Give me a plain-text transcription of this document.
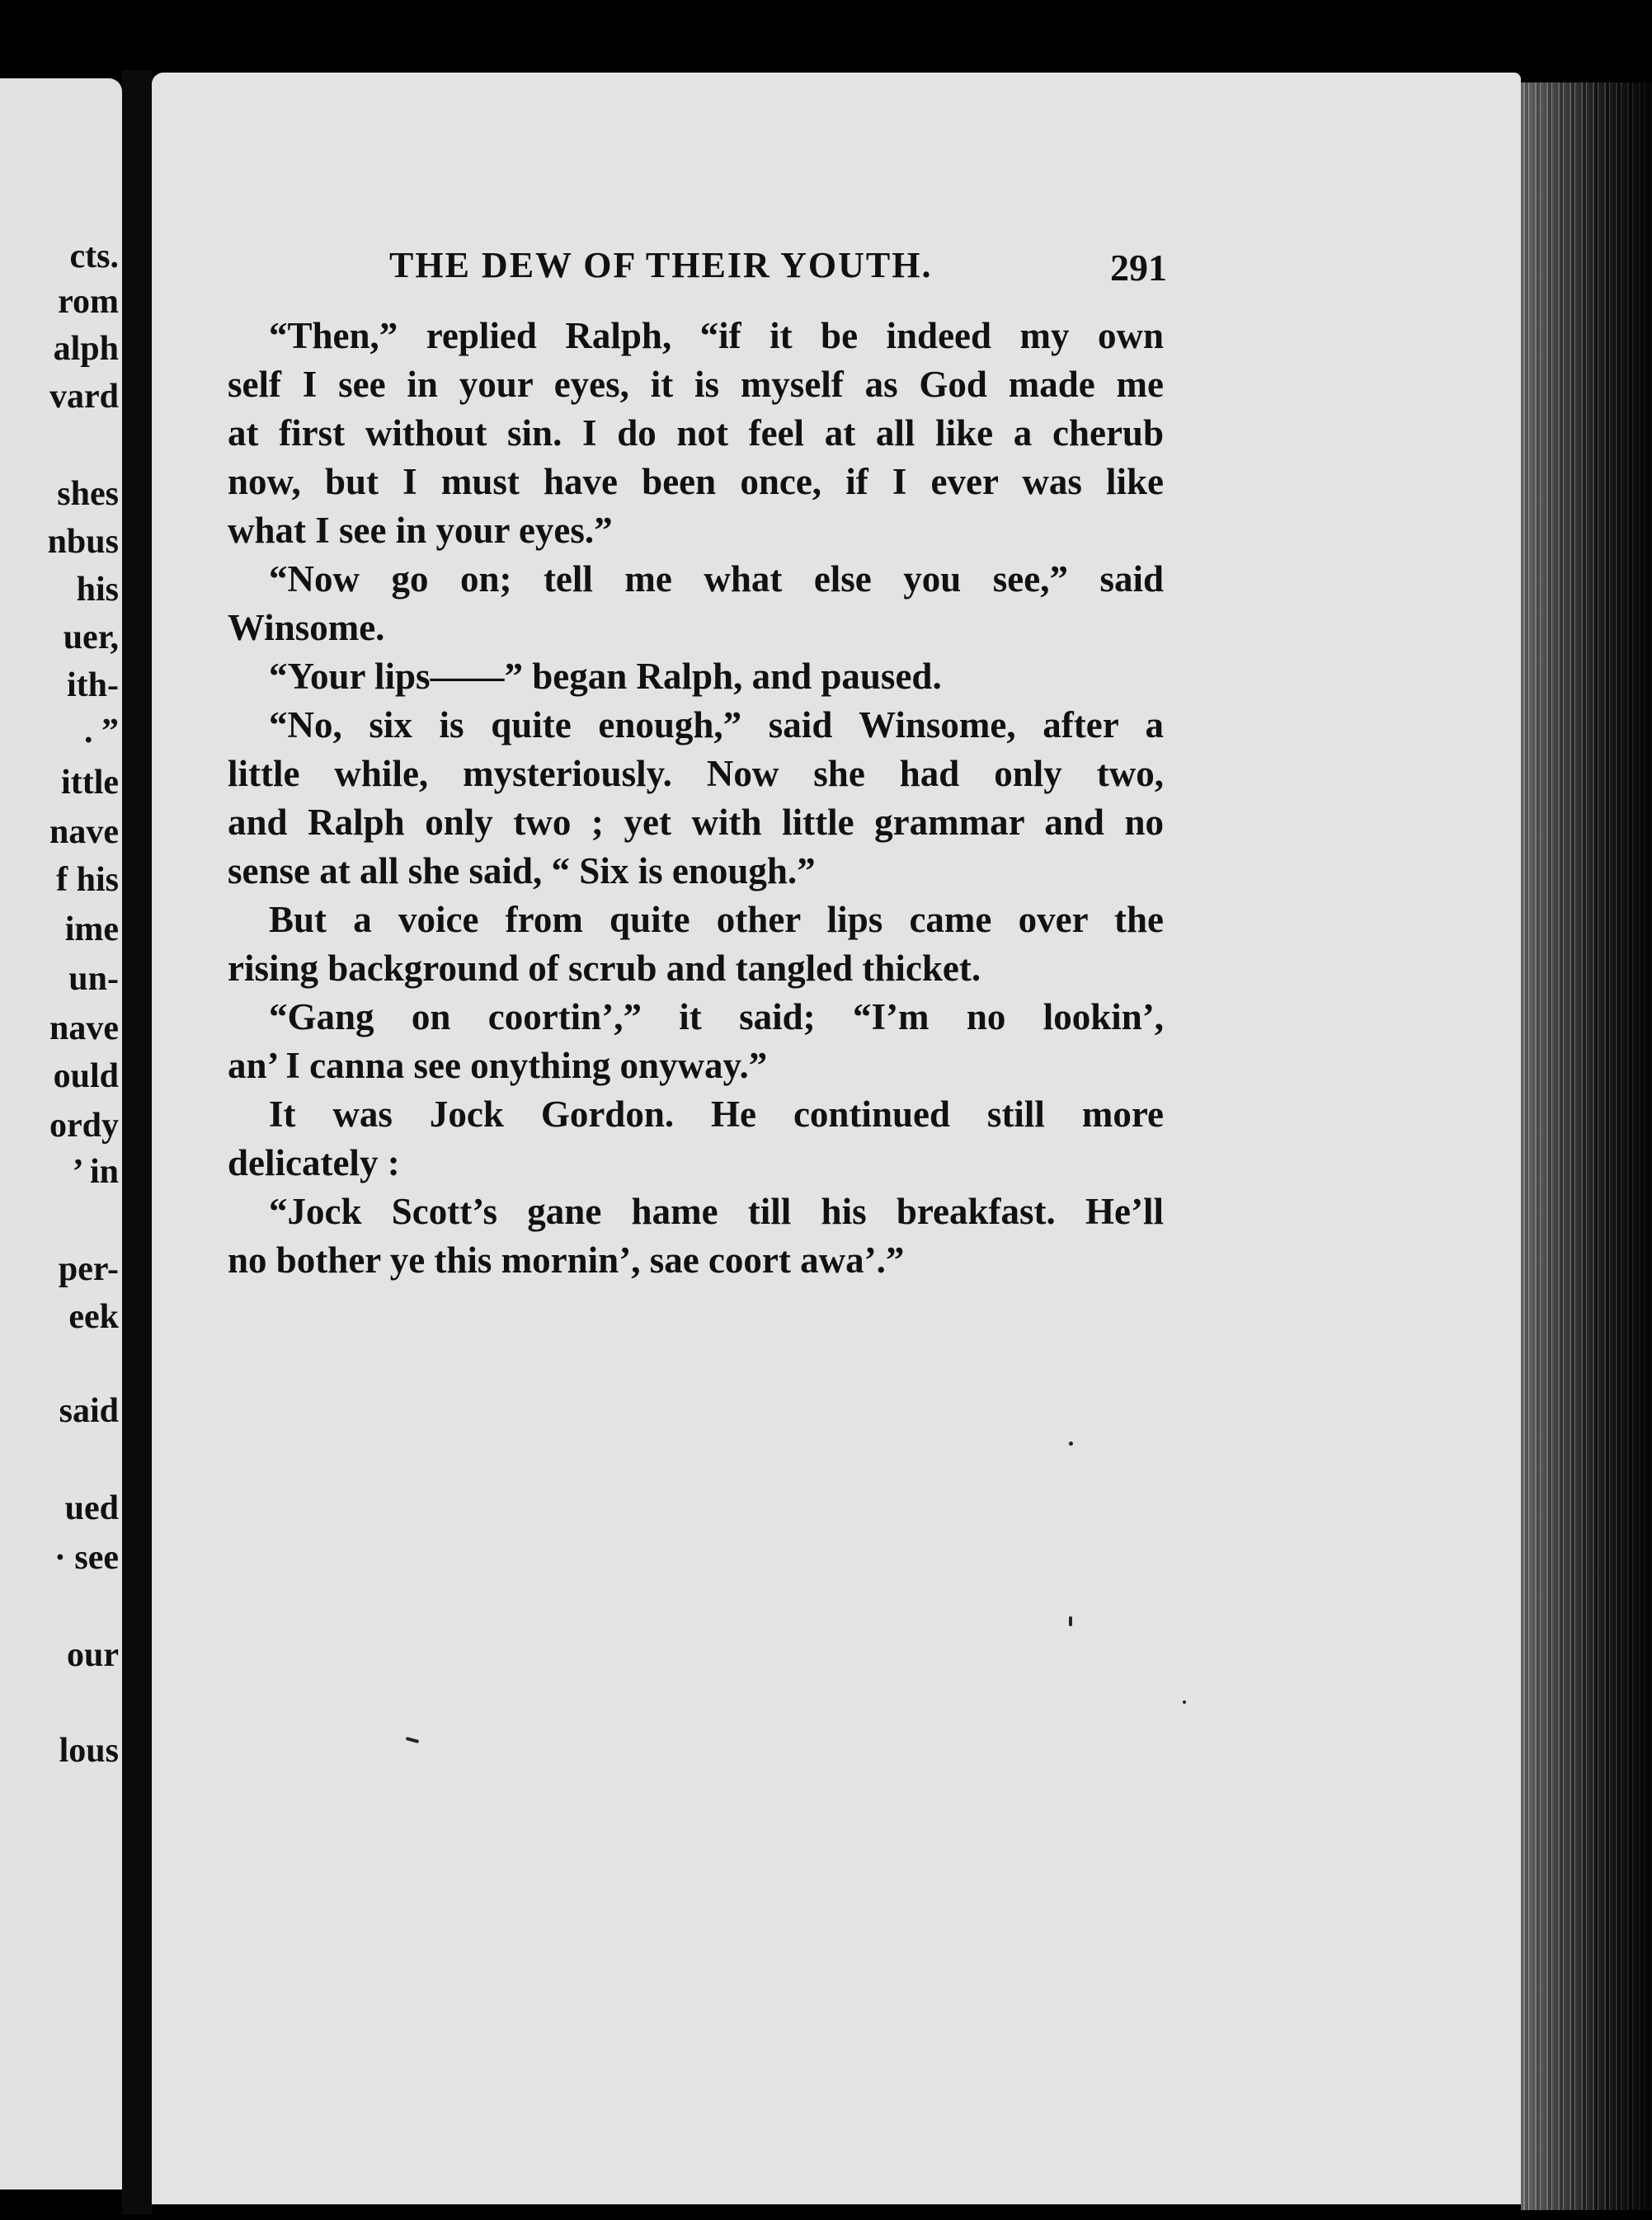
cts.
rom
alph
vard
shes
nbus
his
uer,
ith-
. ”
ittle
nave
f his
ime
un-
nave
ould
ordy
’ in
per-
eek
said
ued
· see
our
lous
THE DEW OF THEIR YOUTH.	291
“Then,” replied Ralph, “if it be indeed my own
self I see in your eyes, it is myself as God made me
at first without sin. I do not feel at all like a cherub
now, but I must have been once, if I ever was like
what I see in your eyes.”
“Now go on; tell me what else you see,” said
Winsome.
“Your lips——” began Ralph, and paused.
“No, six is quite enough,” said Winsome, after a
little while, mysteriously. Now she had only two,
and Ralph only two ; yet with little grammar and no
sense at all she said, “ Six is enough.”
But a voice from quite other lips came over the
rising background of scrub and tangled thicket.
“Gang on coortin’,” it said; “I’m no lookin’,
an’ I canna see onything onyway.”
It was Jock Gordon. He continued still more
delicately :
“Jock Scott’s gane hame till his breakfast. He’ll
no bother ye this mornin’, sae coort awa’.”
